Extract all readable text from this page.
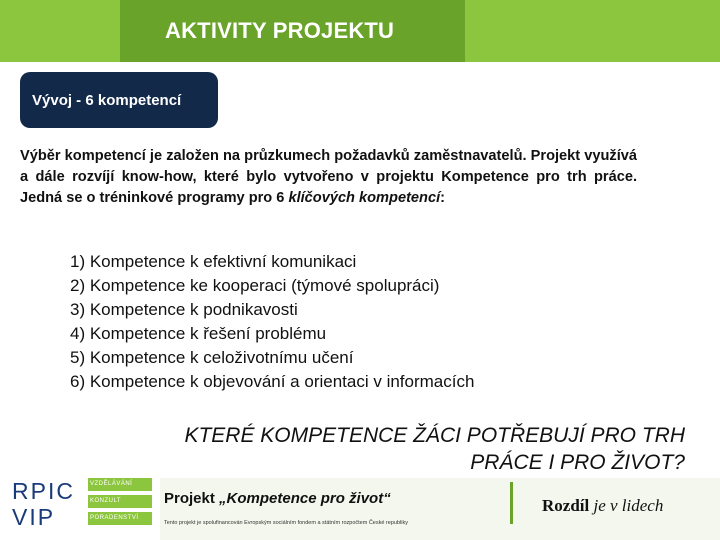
AKTIVITY PROJEKTU
Vývoj - 6 kompetencí
Výběr kompetencí je založen na průzkumech požadavků zaměstnavatelů. Projekt využívá a dále rozvíjí know-how, které bylo vytvořeno v projektu Kompetence pro trh práce. Jedná se o tréninkové programy pro 6 klíčových kompetencí:
1) Kompetence k efektivní komunikaci
2) Kompetence ke kooperaci (týmové spolupráci)
3) Kompetence k podnikavosti
4) Kompetence k řešení problému
5) Kompetence k celoživotnímu učení
6) Kompetence k objevování a orientaci v informacích
KTERÉ KOMPETENCE ŽÁCI POTŘEBUJÍ PRO TRH
PRÁCE I PRO ŽIVOT?
RPIC
VIP
VZDĚLÁVÁNÍ
KONZULT
PORADENSTVÍ
Projekt „Kompetence pro život“
Tento projekt je spolufinancován Evropským sociálním fondem a státním rozpočtem České republiky
Rozdíl je v lidech
